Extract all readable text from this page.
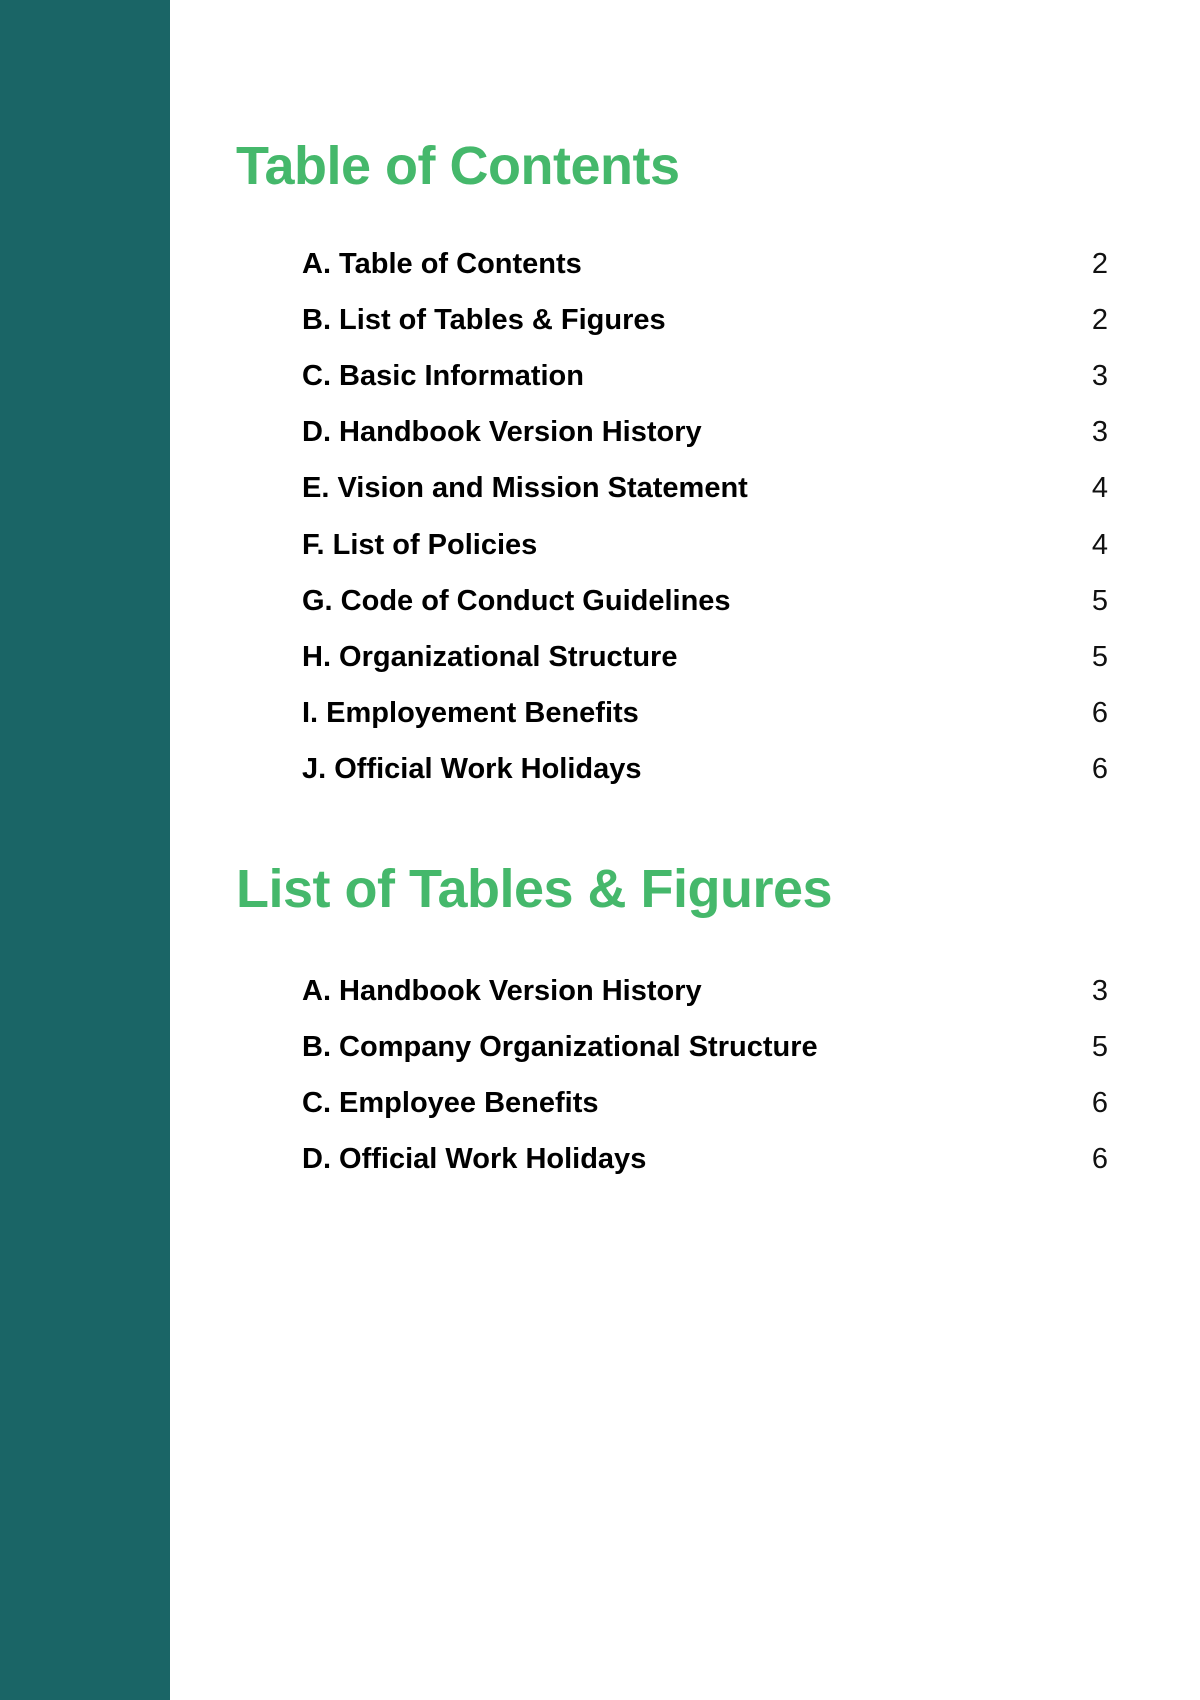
Table of Contents
A. Table of Contents	2
B. List of Tables & Figures	2
C. Basic Information	3
D. Handbook Version History	3
E. Vision and Mission Statement	4
F. List of Policies	4
G. Code of Conduct Guidelines	5
H. Organizational Structure	5
I. Employement Benefits	6
J. Official Work Holidays	6
List of Tables & Figures
A. Handbook Version History	3
B. Company Organizational Structure	5
C. Employee Benefits	6
D. Official Work Holidays	6
